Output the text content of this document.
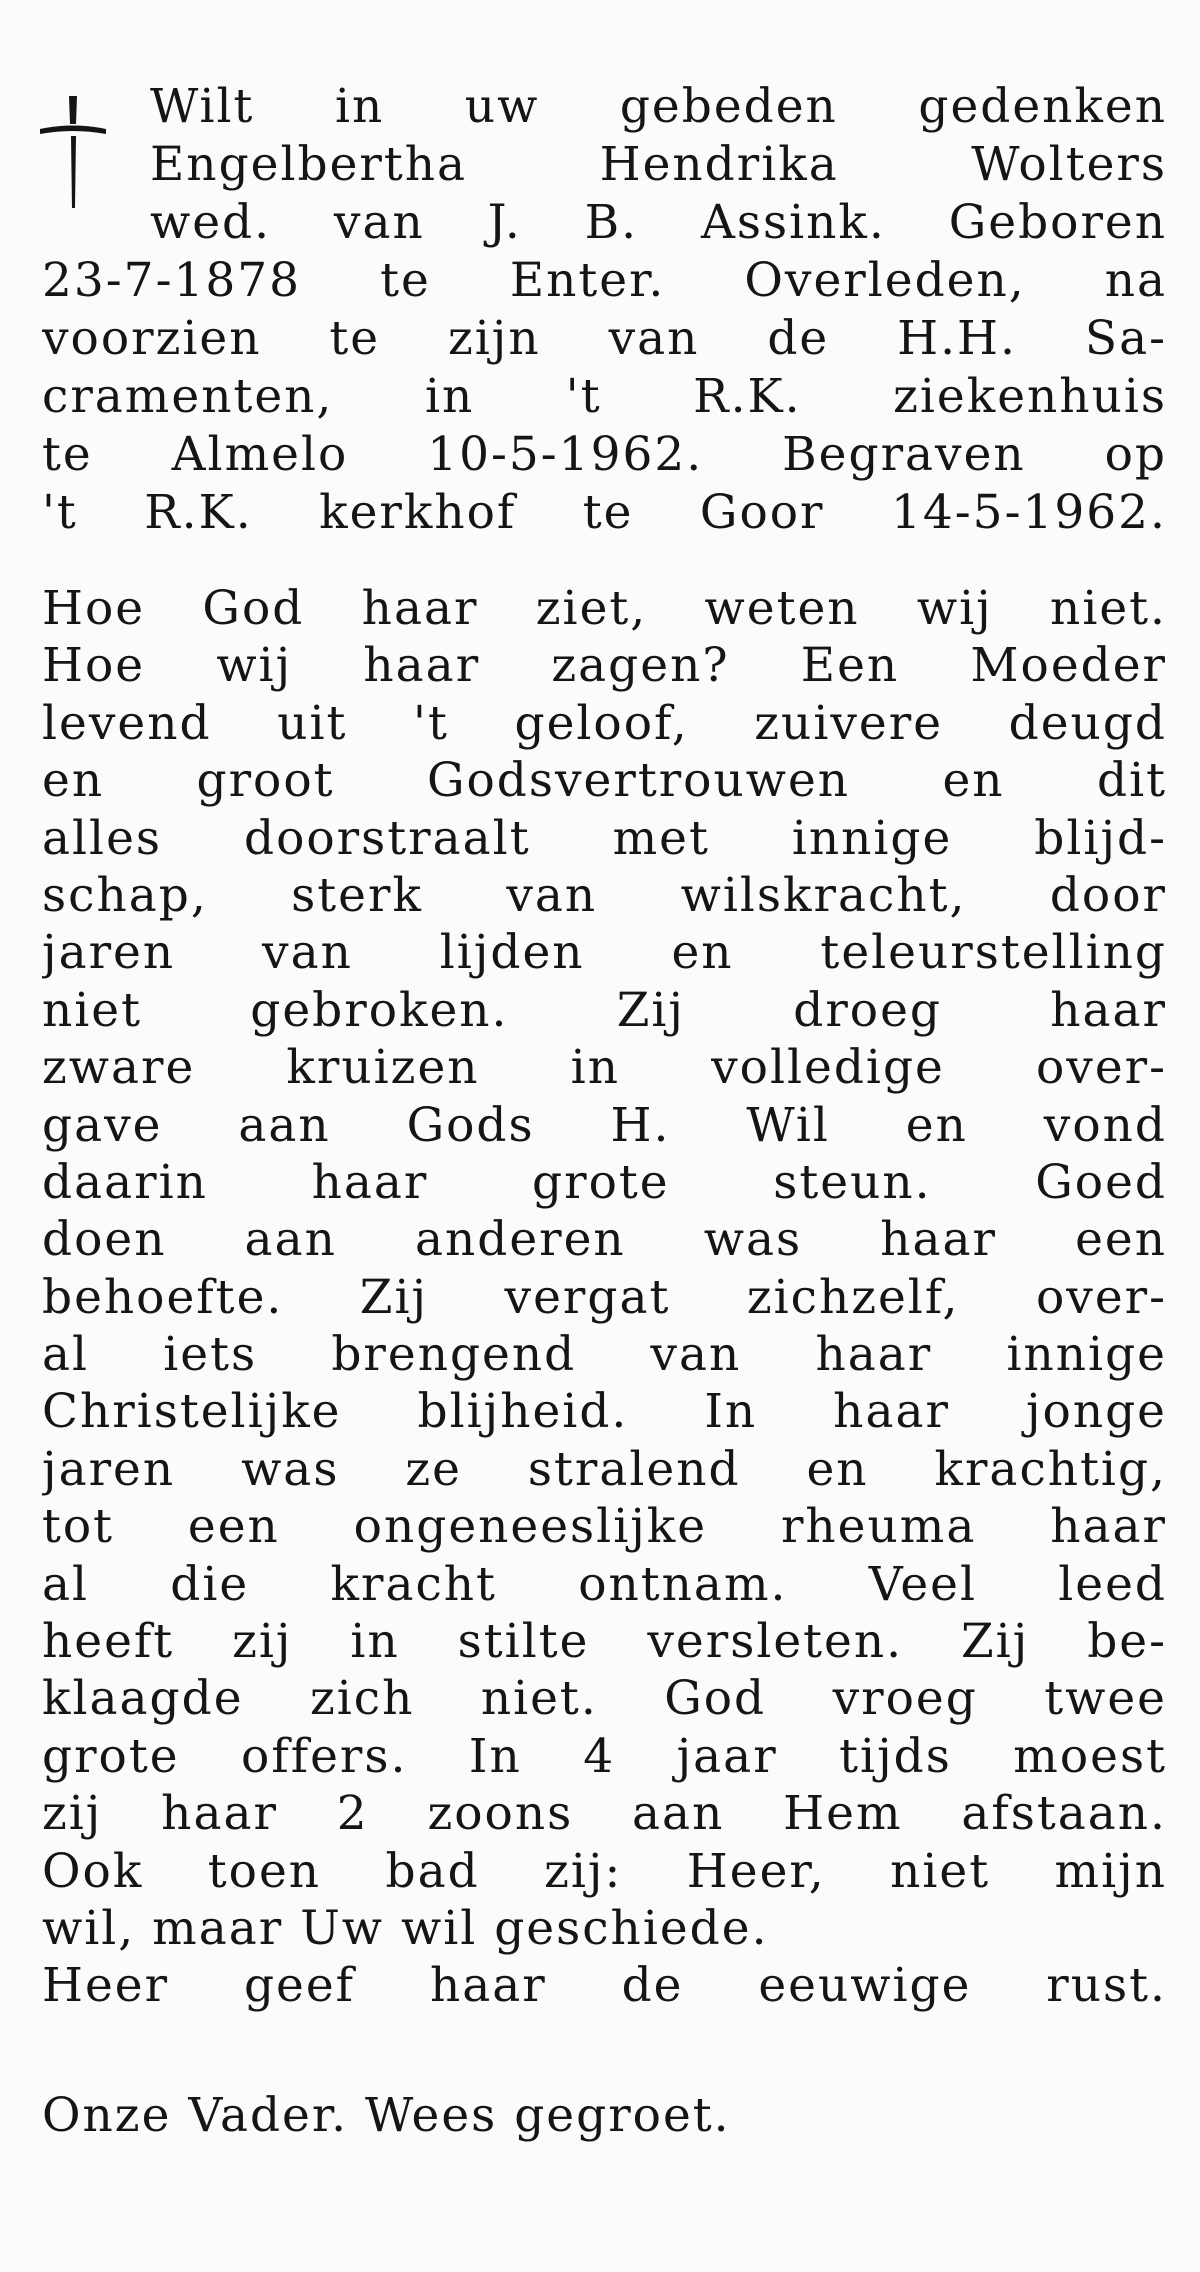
Wilt in uw gebeden gedenken
Engelbertha Hendrika Wolters
wed. van J. B. Assink. Geboren
23-7-1878 te Enter. Overleden, na
voorzien te zijn van de H.H. Sa-
cramenten, in 't R.K. ziekenhuis
te Almelo 10-5-1962. Begraven op
't R.K. kerkhof te Goor 14-5-1962.
Hoe God haar ziet, weten wij niet.
Hoe wij haar zagen? Een Moeder
levend uit 't geloof, zuivere deugd
en groot Godsvertrouwen en dit
alles doorstraalt met innige blijd-
schap, sterk van wilskracht, door
jaren van lijden en teleurstelling
niet gebroken. Zij droeg haar
zware kruizen in volledige over-
gave aan Gods H. Wil en vond
daarin haar grote steun. Goed
doen aan anderen was haar een
behoefte. Zij vergat zichzelf, over-
al iets brengend van haar innige
Christelijke blijheid. In haar jonge
jaren was ze stralend en krachtig,
tot een ongeneeslijke rheuma haar
al die kracht ontnam. Veel leed
heeft zij in stilte versleten. Zij be-
klaagde zich niet. God vroeg twee
grote offers. In 4 jaar tijds moest
zij haar 2 zoons aan Hem afstaan.
Ook toen bad zij: Heer, niet mijn
wil, maar Uw wil geschiede.
Heer geef haar de eeuwige rust.
Onze Vader. Wees gegroet.
